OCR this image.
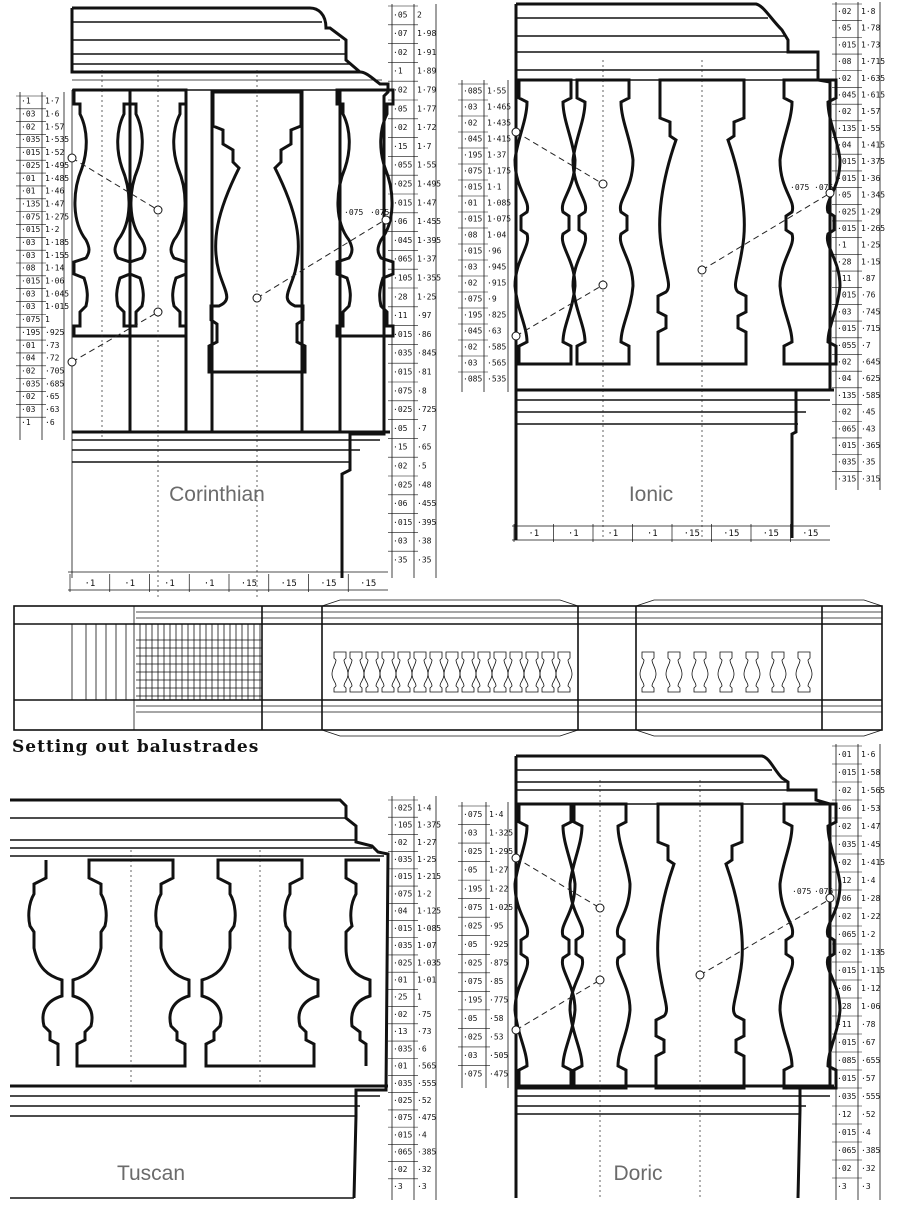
Corinthian
·075 ·075
·1 1·7
·03 1·6
·02 1·57
·035 1·535
·015 1·52
·025 1·495
·01 1·485
·01 1·46
·135 1·47
·075 1·275
·015 1·2
·03 1·185
·03 1·155
·08 1·14
·015 1·06
·03 1·045
·03 1·015
·075 1
·195 ·925
·01 ·73
·04 ·72
·02 ·705
·035 ·685
·02 ·65
·03 ·63
·1 ·6
·05 2
·07 1·98
·02 1·91
·1 1·89
·02 1·79
·05 1·77
·02 1·72
·15 1·7
·055 1·55
·025 1·495
·015 1·47
·06 1·455
·045 1·395
·065 1·37
·105 1·355
·28 1·25
·11 ·97
·015 ·86
·035 ·845
·015 ·81
·075 ·8
·025 ·725
·05 ·7
·15 ·65
·02 ·5
·025 ·48
·06 ·455
·015 ·395
·03 ·38
·35 ·35
·1	·1	·1	·1	·15	·15	·15	·15
Ionic
·075 ·075
·085 1·55
·03 1·465
·02 1·435
·045 1·415
·195 1·37
·075 1·175
·015 1·1
·01 1·085
·015 1·075
·08 1·04
·015 ·96
·03 ·945
·02 ·915
·075 ·9
·195 ·825
·045 ·63
·02 ·585
·03 ·565
·085 ·535
·02 1·8
·05 1·78
·015 1·73
·08 1·715
·02 1·635
·045 1·615
·02 1·57
·135 1·55
·04 1·415
·015 1·375
·015 1·36
·05 1·345
·025 1·29
·015 1·265
·1 1·25
·28 1·15
·11 ·87
·015 ·76
·03 ·745
·015 ·715
·055 ·7
·02 ·645
·04 ·625
·135 ·585
·02 ·45
·065 ·43
·015 ·365
·035 ·35
·315 ·315
·1	·1	·1	·1	·15	·15	·15	·15
Setting out balustrades
Tuscan
·025 1·4
·105 1·375
·02 1·27
·035 1·25
·015 1·215
·075 1·2
·04 1·125
·015 1·085
·035 1·07
·025 1·035
·01 1·01
·25 1
·02 ·75
·13 ·73
·035 ·6
·01 ·565
·035 ·555
·025 ·52
·075 ·475
·015 ·4
·065 ·385
·02 ·32
·3 ·3
Doric
·075 ·075
·075 1·4
·03 1·325
·025 1·295
·05 1·27
·195 1·22
·075 1·025
·025 ·95
·05 ·925
·025 ·875
·075 ·85
·195 ·775
·05 ·58
·025 ·53
·03 ·505
·075 ·475
·01 1·6
·015 1·58
·02 1·565
·06 1·53
·02 1·47
·035 1·45
·02 1·415
·12 1·4
·06 1·28
·02 1·22
·065 1·2
·02 1·135
·015 1·115
·06 1·12
·28 1·06
·11 ·78
·015 ·67
·085 ·655
·015 ·57
·035 ·555
·12 ·52
·015 ·4
·065 ·385
·02 ·32
·3 ·3
